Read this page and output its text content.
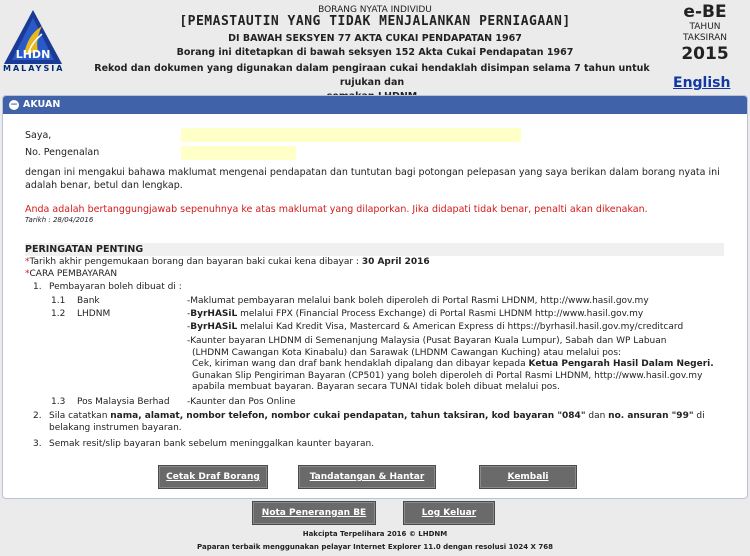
LHDN
MALAYSIA
BORANG NYATA INDIVIDU
[PEMASTAUTIN YANG TIDAK MENJALANKAN PERNIAGAAN]
DI BAWAH SEKSYEN 77 AKTA CUKAI PENDAPATAN 1967
Borang ini ditetapkan di bawah seksyen 152 Akta Cukai Pendapatan 1967
Rekod dan dokumen yang digunakan dalam pengiraan cukai hendaklah disimpan selama 7 tahun untuk rujukan dan
e-BE
TAHUN
TAKSIRAN
2015
English
− AKUAN
Saya,
No. Pengenalan
dengan ini mengakui bahawa maklumat mengenai pendapatan dan tuntutan bagi potongan pelepasan yang saya berikan dalam borang nyata ini
adalah benar, betul dan lengkap.
Anda adalah bertanggungjawab sepenuhnya ke atas maklumat yang dilaporkan. Jika didapati tidak benar, penalti akan dikenakan.
Tarikh : 28/04/2016
PERINGATAN PENTING
*Tarikh akhir pengemukaan borang dan bayaran baki cukai kena dibayar : 30 April 2016
*CARA PEMBAYARAN
1. Pembayaran boleh dibuat di :
1.1 Bank	-Maklumat pembayaran melalui bank boleh diperoleh di Portal Rasmi LHDNM, http://www.hasil.gov.my
1.2 LHDNM	-ByrHASiL melalui FPX (Financial Process Exchange) di Portal Rasmi LHDNM http://www.hasil.gov.my
-ByrHASiL melalui Kad Kredit Visa, Mastercard & American Express di https://byrhasil.hasil.gov.my/creditcard
-Kaunter bayaran LHDNM di Semenanjung Malaysia (Pusat Bayaran Kuala Lumpur), Sabah dan WP Labuan
(LHDNM Cawangan Kota Kinabalu) dan Sarawak (LHDNM Cawangan Kuching) atau melalui pos:
Cek, kiriman wang dan draf bank hendaklah dipalang dan dibayar kepada Ketua Pengarah Hasil Dalam Negeri.
Gunakan Slip Pengiriman Bayaran (CP501) yang boleh diperoleh di Portal Rasmi LHDNM, http://www.hasil.gov.my
apabila membuat bayaran. Bayaran secara TUNAI tidak boleh dibuat melalui pos.
1.3 Pos Malaysia Berhad -Kaunter dan Pos Online
2. Sila catatkan nama, alamat, nombor telefon, nombor cukai pendapatan, tahun taksiran, kod bayaran "084" dan no. ansuran "99" di
belakang instrumen bayaran.
3. Semak resit/slip bayaran bank sebelum meninggalkan kaunter bayaran.
Cetak Draf Borang	Tandatangan & Hantar	Kembali
Nota Penerangan BE	Log Keluar
Hakcipta Terpelihara 2016 © LHDNM
Paparan terbaik menggunakan pelayar Internet Explorer 11.0 dengan resolusi 1024 X 768
